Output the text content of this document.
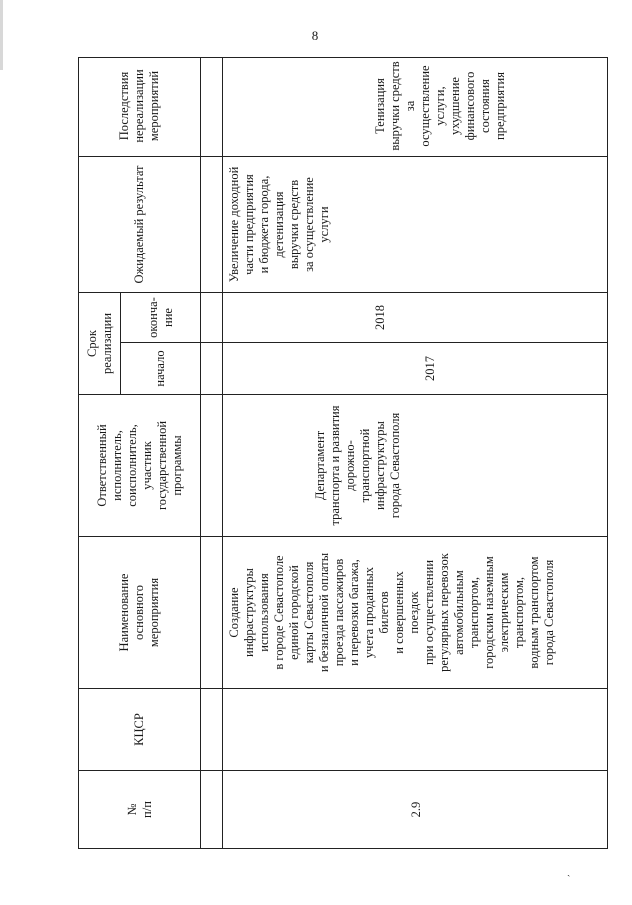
8
№
п/п
КЦСР
Наименование
основного
мероприятия
Ответственный
исполнитель,
соисполнитель,
участник
государственной
программы
Срок
реализации	начало
оконча-
ние
Ожидаемый результат
Последствия
нереализации
мероприятий
2.9
Создание
инфраструктуры
использования
в городе Севастополе
единой городской
карты Севастополя
и безналичной оплаты
проезда пассажиров
и перевозки багажа,
учета проданных
билетов
и совершенных
поездок
при осуществлении
регулярных перевозок
автомобильным
транспортом,
городским наземным
электрическим
транспортом,
водным транспортом
города Севастополя
Департамент
транспорта и развития
дорожно-
транспортной
инфраструктуры
города Севастополя
2017
2018
Увеличение доходной
части предприятия
и бюджета города,
детенизация
выручки средств
за осуществление
услуги
Тенизация
выручки средств
за осуществление
услуги, ухудшение
финансового
состояния
предприятия
ˎ
